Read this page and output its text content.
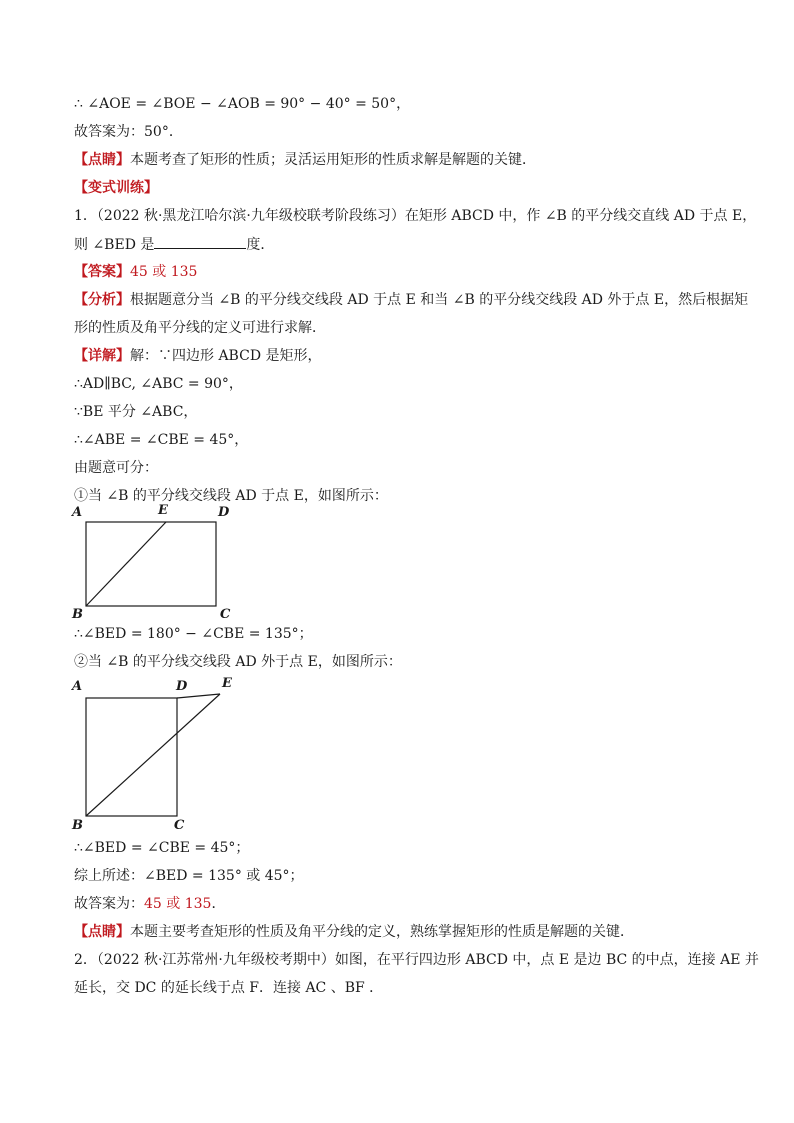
∴ ∠AOE = ∠BOE − ∠AOB = 90° − 40° = 50°，
故答案为：50°．
【点睛】本题考查了矩形的性质；灵活运用矩形的性质求解是解题的关键．
【变式训练】
1．（2022 秋·黑龙江哈尔滨·九年级校联考阶段练习）在矩形 ABCD 中，作 ∠B 的平分线交直线 AD 于点 E，
则 ∠BED 是	度．
【答案】45 或 135
【分析】根据题意分当 ∠B 的平分线交线段 AD 于点 E 和当 ∠B 的平分线交线段 AD 外于点 E，然后根据矩
形的性质及角平分线的定义可进行求解．
【详解】解：∵四边形 ABCD 是矩形，
∴AD∥BC, ∠ABC = 90°，
∵BE 平分 ∠ABC，
∴∠ABE = ∠CBE = 45°，
由题意可分：
①当 ∠B 的平分线交线段 AD 于点 E，如图所示：
A	E	D
B	C
∴∠BED = 180° − ∠CBE = 135°；
②当 ∠B 的平分线交线段 AD 外于点 E，如图所示：
A	D	E
B	C
∴∠BED = ∠CBE = 45°；
综上所述：∠BED = 135° 或 45°；
故答案为：45 或 135．
【点睛】本题主要考查矩形的性质及角平分线的定义，熟练掌握矩形的性质是解题的关键．
2．（2022 秋·江苏常州·九年级校考期中）如图，在平行四边形 ABCD 中，点 E 是边 BC 的中点，连接 AE 并
延长，交 DC 的延长线于点 F．连接 AC 、BF ．
